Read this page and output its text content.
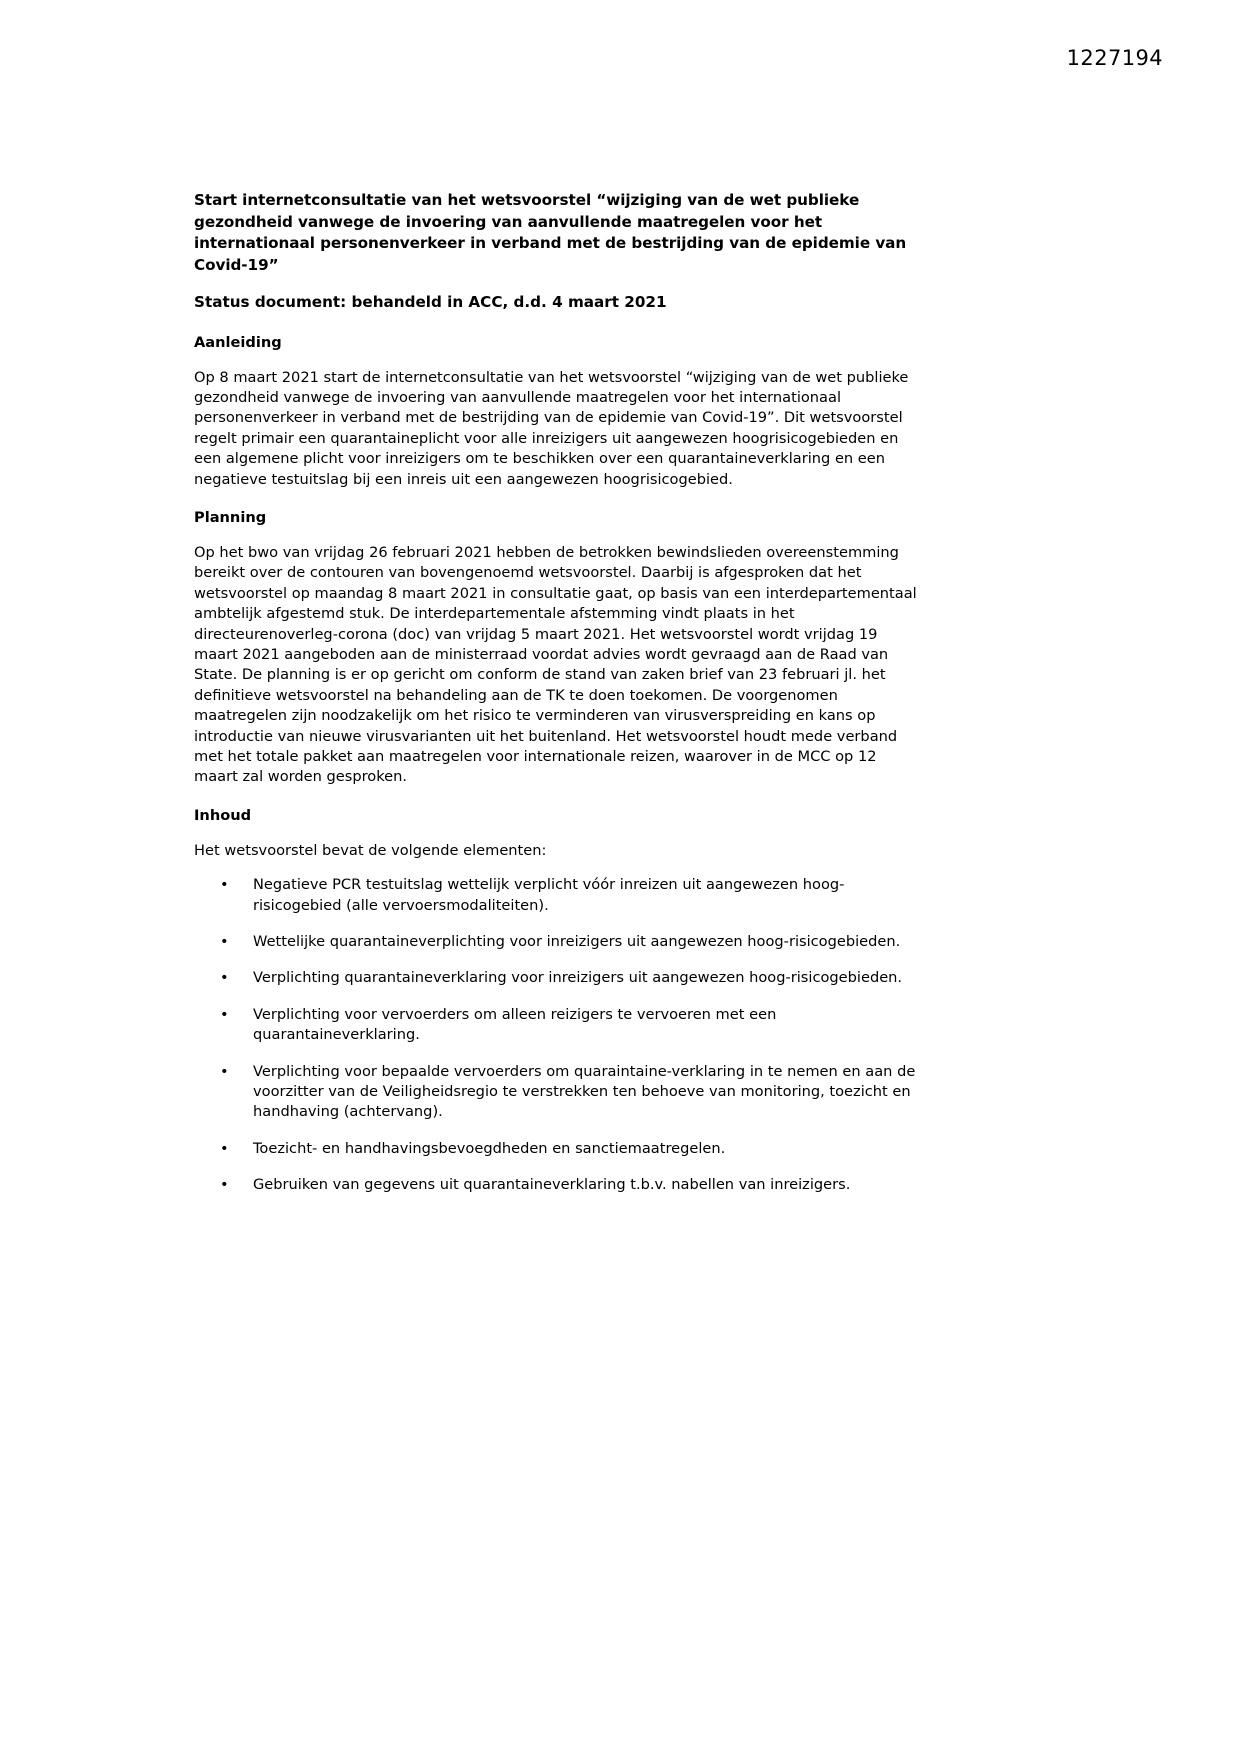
1227194

Start internetconsultatie van het wetsvoorstel “wijziging van de wet publieke gezondheid vanwege de invoering van aanvullende maatregelen voor het internationaal personenverkeer in verband met de bestrijding van de epidemie van Covid-19”

Status document: behandeld in ACC, d.d. 4 maart 2021

Aanleiding

Op 8 maart 2021 start de internetconsultatie van het wetsvoorstel “wijziging van de wet publieke gezondheid vanwege de invoering van aanvullende maatregelen voor het internationaal personenverkeer in verband met de bestrijding van de epidemie van Covid-19”. Dit wetsvoorstel regelt primair een quarantaineplicht voor alle inreizigers uit aangewezen hoogrisicogebieden en een algemene plicht voor inreizigers om te beschikken over een quarantaineverklaring en een negatieve testuitslag bij een inreis uit een aangewezen hoogrisicogebied.

Planning

Op het bwo van vrijdag 26 februari 2021 hebben de betrokken bewindslieden overeenstemming bereikt over de contouren van bovengenoemd wetsvoorstel. Daarbij is afgesproken dat het wetsvoorstel op maandag 8 maart 2021 in consultatie gaat, op basis van een interdepartementaal ambtelijk afgestemd stuk. De interdepartementale afstemming vindt plaats in het directeurenoverleg-corona (doc) van vrijdag 5 maart 2021. Het wetsvoorstel wordt vrijdag 19 maart 2021 aangeboden aan de ministerraad voordat advies wordt gevraagd aan de Raad van State. De planning is er op gericht om conform de stand van zaken brief van 23 februari jl. het definitieve wetsvoorstel na behandeling aan de TK te doen toekomen. De voorgenomen maatregelen zijn noodzakelijk om het risico te verminderen van virusverspreiding en kans op introductie van nieuwe virusvarianten uit het buitenland. Het wetsvoorstel houdt mede verband met het totale pakket aan maatregelen voor internationale reizen, waarover in de MCC op 12 maart zal worden gesproken.

Inhoud

Het wetsvoorstel bevat de volgende elementen:

• Negatieve PCR testuitslag wettelijk verplicht vóór inreizen uit aangewezen hoog-risicogebied (alle vervoersmodaliteiten).
• Wettelijke quarantaineverplichting voor inreizigers uit aangewezen hoog-risicogebieden.
• Verplichting quarantaineverklaring voor inreizigers uit aangewezen hoog-risicogebieden.
• Verplichting voor vervoerders om alleen reizigers te vervoeren met een quarantaineverklaring.
• Verplichting voor bepaalde vervoerders om quaraintaine-verklaring in te nemen en aan de voorzitter van de Veiligheidsregio te verstrekken ten behoeve van monitoring, toezicht en handhaving (achtervang).
• Toezicht- en handhavingsbevoegdheden en sanctiemaatregelen.
• Gebruiken van gegevens uit quarantaineverklaring t.b.v. nabellen van inreizigers.
